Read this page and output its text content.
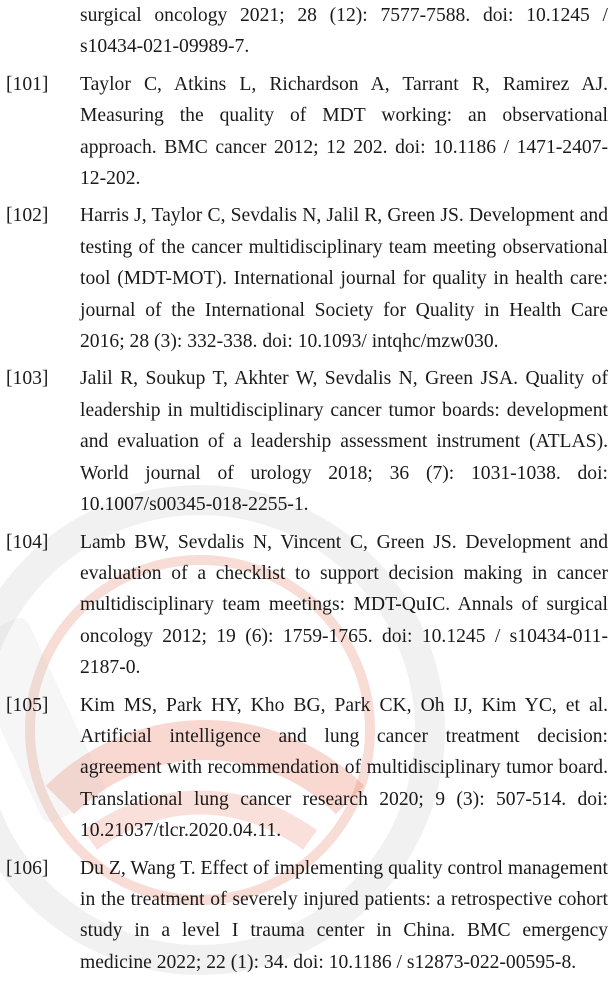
surgical oncology 2021; 28 (12): 7577-7588. doi: 10.1245 / s10434-021-09989-7.
[101]	Taylor C, Atkins L, Richardson A, Tarrant R, Ramirez AJ. Measuring the quality of MDT working: an observational approach. BMC cancer 2012; 12 202. doi: 10.1186 / 1471-2407-12-202.
[102]	Harris J, Taylor C, Sevdalis N, Jalil R, Green JS. Development and testing of the cancer multidisciplinary team meeting observational tool (MDT-MOT). International journal for quality in health care: journal of the International Society for Quality in Health Care 2016; 28 (3): 332-338. doi: 10.1093/ intqhc/mzw030.
[103]	Jalil R, Soukup T, Akhter W, Sevdalis N, Green JSA. Quality of leadership in multidisciplinary cancer tumor boards: development and evaluation of a leadership assessment instrument (ATLAS). World journal of urology 2018; 36 (7): 1031-1038. doi: 10.1007/s00345-018-2255-1.
[104]	Lamb BW, Sevdalis N, Vincent C, Green JS. Development and evaluation of a checklist to support decision making in cancer multidisciplinary team meetings: MDT-QuIC. Annals of surgical oncology 2012; 19 (6): 1759-1765. doi: 10.1245 / s10434-011-2187-0.
[105]	Kim MS, Park HY, Kho BG, Park CK, Oh IJ, Kim YC, et al. Artificial intelligence and lung cancer treatment decision: agreement with recommendation of multidisciplinary tumor board. Translational lung cancer research 2020; 9 (3): 507-514. doi: 10.21037/tlcr.2020.04.11.
[106]	Du Z, Wang T. Effect of implementing quality control management in the treatment of severely injured patients: a retrospective cohort study in a level I trauma center in China. BMC emergency medicine 2022; 22 (1): 34. doi: 10.1186 / s12873-022-00595-8.
